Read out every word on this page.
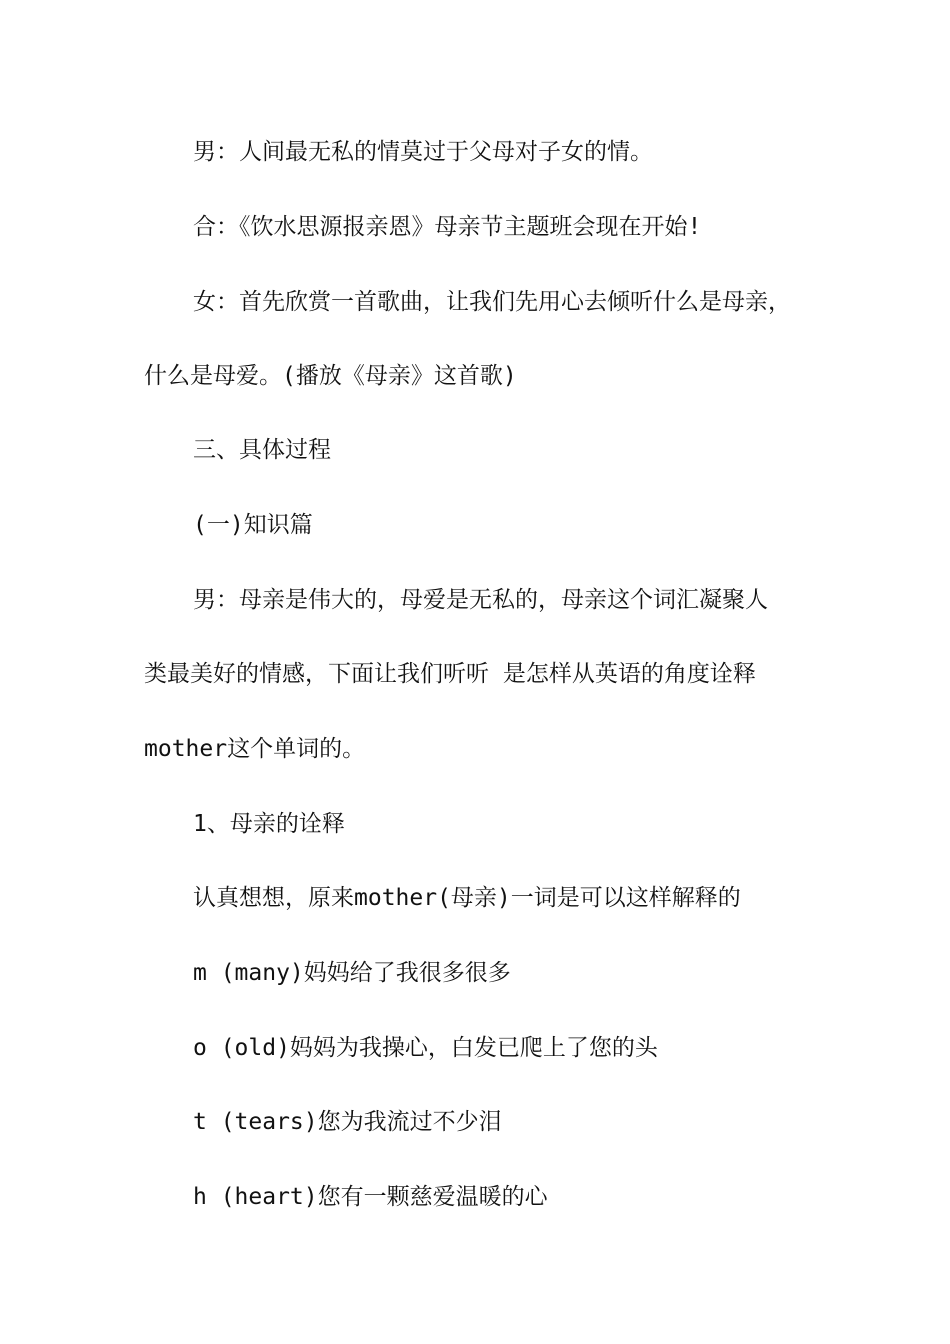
男：人间最无私的情莫过于父母对子女的情。
合：《饮水思源报亲恩》母亲节主题班会现在开始!
女：首先欣赏一首歌曲，让我们先用心去倾听什么是母亲，
什么是母爱。(播放《母亲》这首歌)
三、具体过程
(一)知识篇
男：母亲是伟大的，母爱是无私的，母亲这个词汇凝聚人
类最美好的情感，下面让我们听听 是怎样从英语的角度诠释
mother这个单词的。
1、母亲的诠释
认真想想，原来mother(母亲)一词是可以这样解释的
m (many)妈妈给了我很多很多
o (old)妈妈为我操心，白发已爬上了您的头
t (tears)您为我流过不少泪
h (heart)您有一颗慈爱温暖的心
